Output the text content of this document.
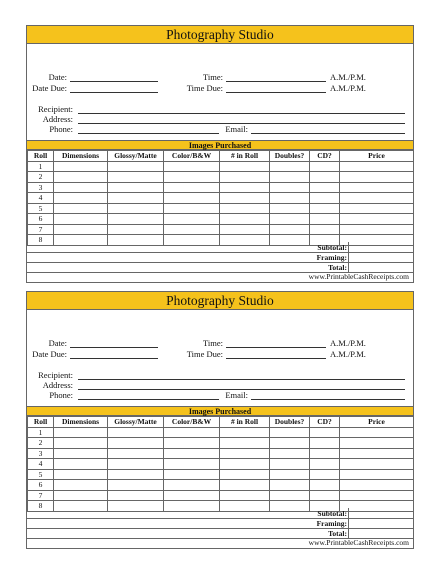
Photography Studio
Date:
Date Due:
Time:	A.M./P.M.
Time Due:	A.M./P.M.
Recipient:
Address:
Phone:	Email:
Images Purchased
Roll	Dimensions	Glossy/Matte	Color/B&W	# in Roll	Doubles?	CD?	Price
1							
2							
3							
4							
5							
6							
7							
8							
Subtotal:
Framing:
Total:
www.PrintableCashReceipts.com
Photography Studio
Date:
Date Due:
Time:	A.M./P.M.
Time Due:	A.M./P.M.
Recipient:
Address:
Phone:	Email:
Images Purchased
Roll	Dimensions	Glossy/Matte	Color/B&W	# in Roll	Doubles?	CD?	Price
1							
2							
3							
4							
5							
6							
7							
8							
Subtotal:
Framing:
Total:
www.PrintableCashReceipts.com
